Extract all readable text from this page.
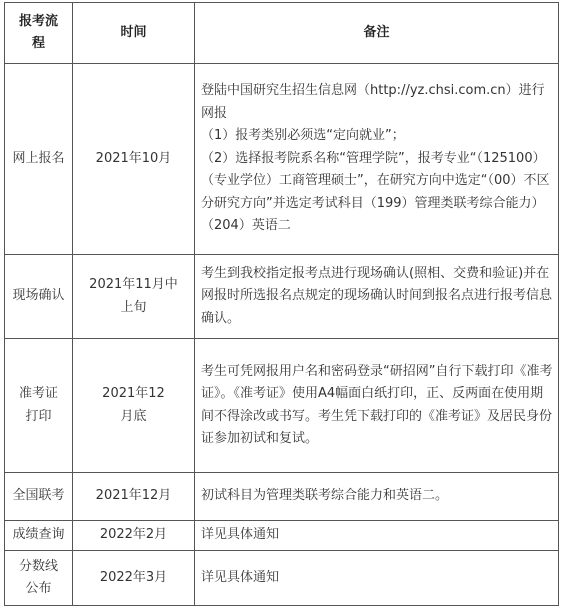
报考流程	时间	备注
网上报名	2021年10月	登陆中国研究生招生信息网（http://yz.chsi.com.cn）进行网报
（1）报考类别必须选“定向就业”；
（2）选择报考院系名称“管理学院”，报考专业“（125100）（专业学位）工商管理硕士”，在研究方向中选定“（00）不区分研究方向”并选定考试科目（199）管理类联考综合能力）（204）英语二

现场确认	2021年11月中上旬	考生到我校指定报考点进行现场确认(照相、交费和验证)并在网报时所选报名点规定的现场确认时间到报名点进行报考信息确认。

准考证打印	2021年12月底	考生可凭网报用户名和密码登录“研招网”自行下载打印《准考证》。《准考证》使用A4幅面白纸打印，正、反两面在使用期间不得涂改或书写。考生凭下载打印的《准考证》及居民身份证参加初试和复试。

全国联考	2021年12月	初试科目为管理类联考综合能力和英语二。

成绩查询	2022年2月	详见具体通知

分数线公布	2022年3月	详见具体通知
